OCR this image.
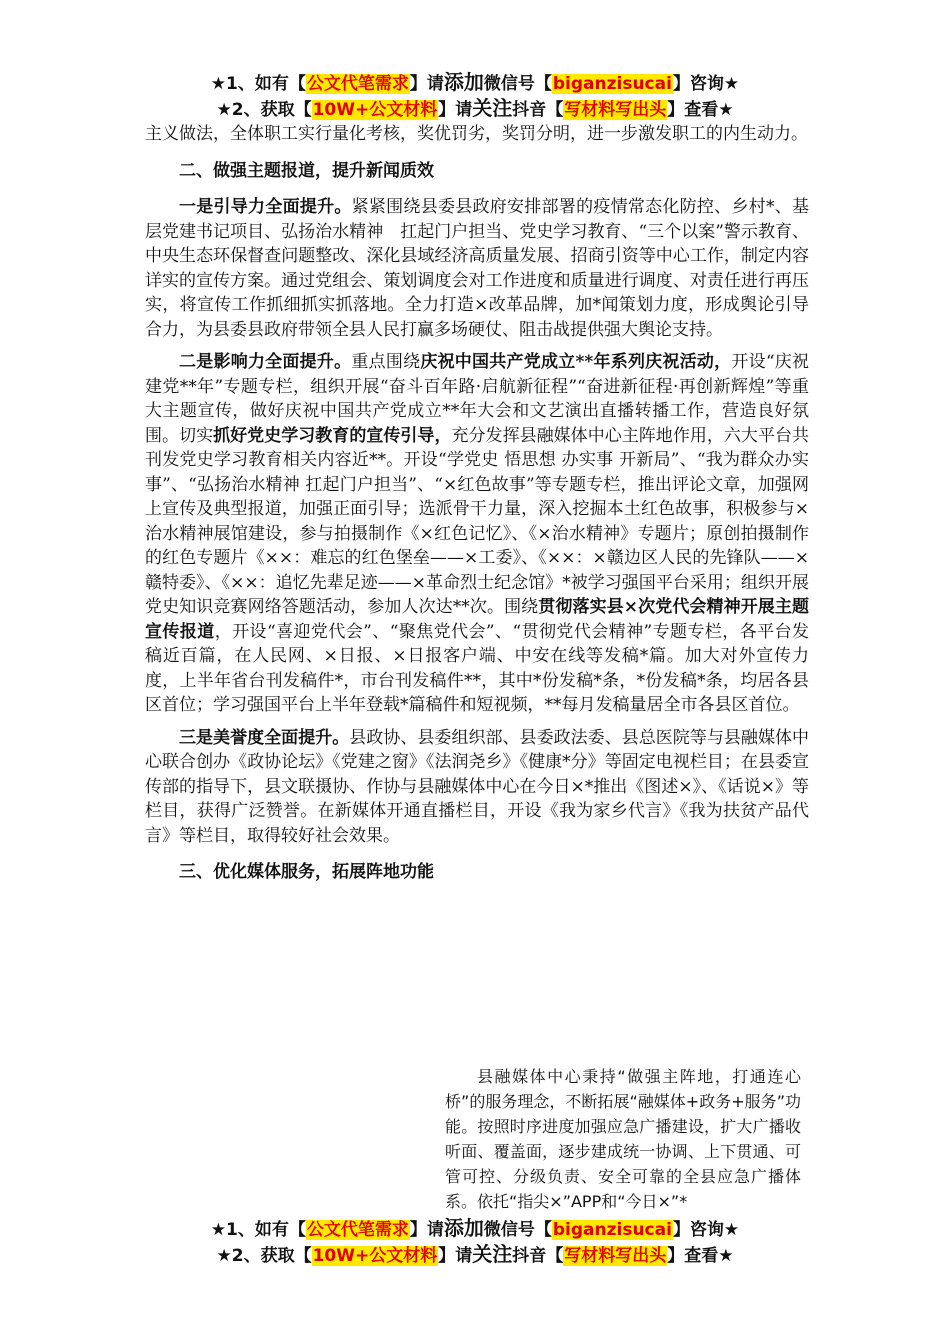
★1、如有【公文代笔需求】请添加微信号【biganzisucai】咨询★
★2、获取【10W+公文材料】请关注抖音【写材料写出头】查看★

主义做法，全体职工实行量化考核，奖优罚劣，奖罚分明，进一步激发职工的内生动力。

二、做强主题报道，提升新闻质效

一是引导力全面提升。紧紧围绕县委县政府安排部署的疫情常态化防控、乡村*、基层党建书记项目、弘扬治水精神　扛起门户担当、党史学习教育、“三个以案”警示教育、中央生态环保督查问题整改、深化县域经济高质量发展、招商引资等中心工作，制定内容详实的宣传方案。通过党组会、策划调度会对工作进度和质量进行调度、对责任进行再压实，将宣传工作抓细抓实抓落地。全力打造×改革品牌，加*闻策划力度，形成舆论引导合力，为县委县政府带领全县人民打赢多场硬仗、阻击战提供强大舆论支持。

二是影响力全面提升。重点围绕庆祝中国共产党成立**年系列庆祝活动，开设“庆祝建党**年”专题专栏，组织开展“奋斗百年路·启航新征程”“奋进新征程·再创新辉煌”等重大主题宣传，做好庆祝中国共产党成立**年大会和文艺演出直播转播工作，营造良好氛围。切实抓好党史学习教育的宣传引导，充分发挥县融媒体中心主阵地作用，六大平台共刊发党史学习教育相关内容近**。开设“学党史 悟思想 办实事 开新局”、“我为群众办实事”、“弘扬治水精神 扛起门户担当”、“×红色故事”等专题专栏，推出评论文章，加强网上宣传及典型报道，加强正面引导；选派骨干力量，深入挖掘本土红色故事，积极参与×治水精神展馆建设，参与拍摄制作《×红色记忆》、《×治水精神》专题片；原创拍摄制作的红色专题片《××：难忘的红色堡垒——×工委》、《××：×赣边区人民的先锋队——×赣特委》、《××：追忆先辈足迹——×革命烈士纪念馆》*被学习强国平台采用；组织开展党史知识竞赛网络答题活动，参加人次达**次。围绕贯彻落实县×次党代会精神开展主题宣传报道，开设“喜迎党代会”、“聚焦党代会”、“贯彻党代会精神”专题专栏，各平台发稿近百篇，在人民网、×日报、×日报客户端、中安在线等发稿*篇。加大对外宣传力度，上半年省台刊发稿件*，市台刊发稿件**，其中*份发稿*条，*份发稿*条，均居各县区首位；学习强国平台上半年登载*篇稿件和短视频，**每月发稿量居全市各县区首位。

三是美誉度全面提升。县政协、县委组织部、县委政法委、县总医院等与县融媒体中心联合创办《政协论坛》《党建之窗》《法润尧乡》《健康*分》等固定电视栏目；在县委宣传部的指导下，县文联摄协、作协与县融媒体中心在今日×*推出《图述×》、《话说×》等栏目，获得广泛赞誉。在新媒体开通直播栏目，开设《我为家乡代言》《我为扶贫产品代言》等栏目，取得较好社会效果。

三、优化媒体服务，拓展阵地功能

县融媒体中心秉持“做强主阵地，打通连心桥”的服务理念，不断拓展“融媒体+政务+服务”功能。按照时序进度加强应急广播建设，扩大广播收听面、覆盖面，逐步建成统一协调、上下贯通、可管可控、分级负责、安全可靠的全县应急广播体系。依托“指尖×”APP和“今日×”*

★1、如有【公文代笔需求】请添加微信号【biganzisucai】咨询★
★2、获取【10W+公文材料】请关注抖音【写材料写出头】查看★
